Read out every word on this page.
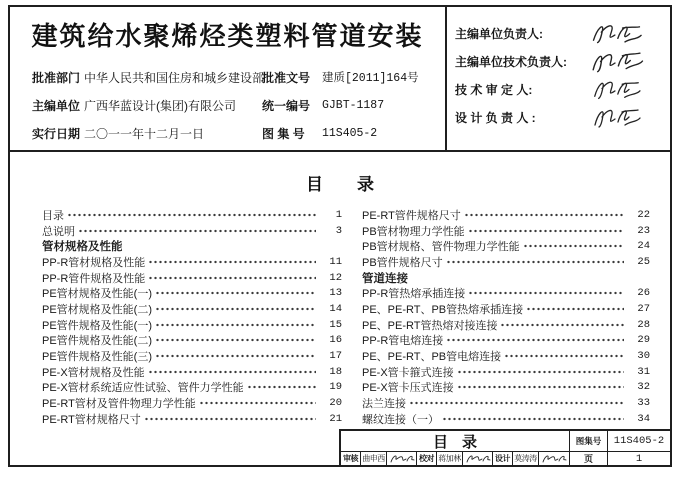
建筑给水聚烯烃类塑料管道安装
批准部门 中华人民共和国住房和城乡建设部
批准文号	建质[2011]164号
主编单位 广西华蓝设计(集团)有限公司	统一编号	GJBT-1187
实行日期 二〇一一年十二月一日	图 集 号	11S405-2
主编单位负责人:
主编单位技术负责人:
技 术 审 定 人:
设 计 负 责 人 :
目录
目录	1
总说明	3
管材规格及性能
PP-R管材规格及性能	11
PP-R管件规格及性能	12
PE管材规格及性能(一)	13
PE管材规格及性能(二)	14
PE管件规格及性能(一)	15
PE管件规格及性能(二)	16
PE管件规格及性能(三)	17
PE-X管材规格及性能	18
PE-X管材系统适应性试验、管件力学性能	19
PE-RT管材及管件物理力学性能	20
PE-RT管材规格尺寸	21
PE-RT管件规格尺寸	22
PB管材物理力学性能	23
PB管材规格、管件物理力学性能	24
PB管件规格尺寸	25
管道连接
PP-R管热熔承插连接	26
PE、PE-RT、PB管热熔承插连接	27
PE、PE-RT管热熔对接连接	28
PP-R管电熔连接	29
PE、PE-RT、PB管电熔连接	30
PE-X管卡箍式连接	31
PE-X管卡压式连接	32
法兰连接	33
螺纹连接（一）	34
目录	图集号	11S405-2
审核 曲申西	校对 蒋加林	设计 莫涛涛	页	1
